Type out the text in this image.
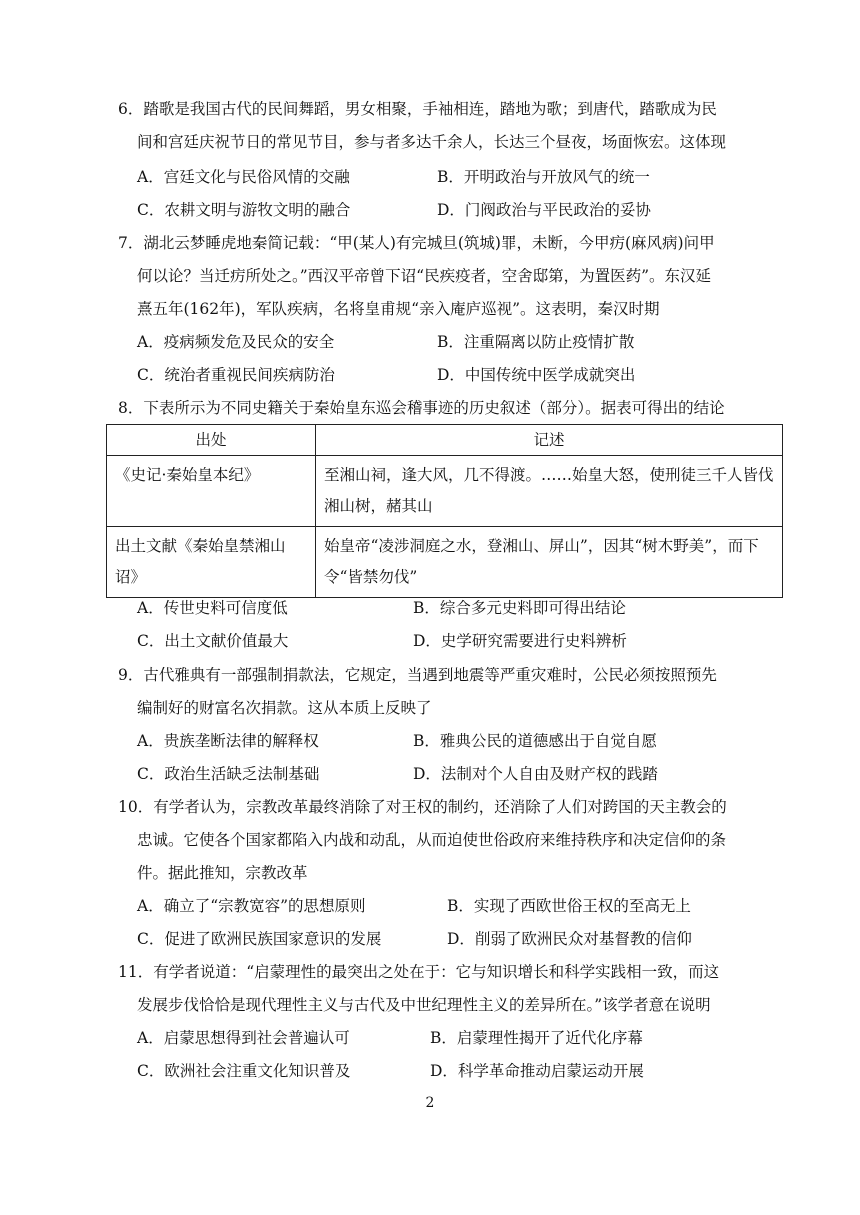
6．踏歌是我国古代的民间舞蹈，男女相聚，手袖相连，踏地为歌；到唐代，踏歌成为民
间和宫廷庆祝节日的常见节目，参与者多达千余人，长达三个昼夜，场面恢宏。这体现
A．宫廷文化与民俗风情的交融	B．开明政治与开放风气的统一
C．农耕文明与游牧文明的融合	D．门阀政治与平民政治的妥协
7．湖北云梦睡虎地秦简记载：“甲(某人)有完城旦(筑城)罪，未断，今甲疠(麻风病)问甲
何以论？当迁疠所处之。”西汉平帝曾下诏“民疾疫者，空舍邸第，为置医药”。东汉延
熹五年(162年)，军队疾病，名将皇甫规“亲入庵庐巡视”。这表明，秦汉时期
A．疫病频发危及民众的安全	B．注重隔离以防止疫情扩散
C．统治者重视民间疾病防治	D．中国传统中医学成就突出
8．下表所示为不同史籍关于秦始皇东巡会稽事迹的历史叙述（部分）。据表可得出的结论
出处	记述
《史记·秦始皇本纪》	至湘山祠，逢大风，几不得渡。……始皇大怒，使刑徒三千人皆伐湘山树，赭其山
出土文献《秦始皇禁湘山诏》	始皇帝“凌涉洞庭之水，登湘山、屏山”，因其“树木野美”，而下令“皆禁勿伐”
A．传世史料可信度低	B．综合多元史料即可得出结论
C．出土文献价值最大	D．史学研究需要进行史料辨析
9．古代雅典有一部强制捐款法，它规定，当遇到地震等严重灾难时，公民必须按照预先
编制好的财富名次捐款。这从本质上反映了
A．贵族垄断法律的解释权	B．雅典公民的道德感出于自觉自愿
C．政治生活缺乏法制基础	D．法制对个人自由及财产权的践踏
10．有学者认为，宗教改革最终消除了对王权的制约，还消除了人们对跨国的天主教会的
忠诚。它使各个国家都陷入内战和动乱，从而迫使世俗政府来维持秩序和决定信仰的条
件。据此推知，宗教改革
A．确立了“宗教宽容”的思想原则	B．实现了西欧世俗王权的至高无上
C．促进了欧洲民族国家意识的发展	D．削弱了欧洲民众对基督教的信仰
11．有学者说道：“启蒙理性的最突出之处在于：它与知识增长和科学实践相一致，而这
发展步伐恰恰是现代理性主义与古代及中世纪理性主义的差异所在。”该学者意在说明
A．启蒙思想得到社会普遍认可	B．启蒙理性揭开了近代化序幕
C．欧洲社会注重文化知识普及	D．科学革命推动启蒙运动开展
2
